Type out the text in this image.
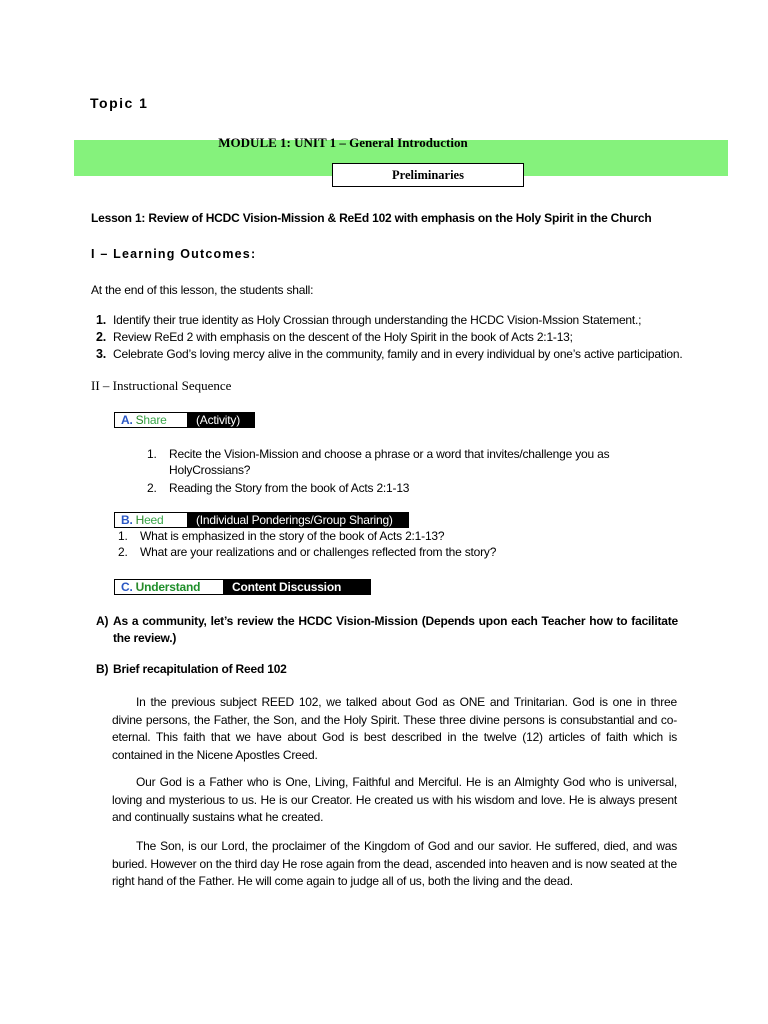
Topic 1
MODULE 1: UNIT 1 – General Introduction
Preliminaries
Lesson 1: Review of HCDC Vision-Mission & ReEd 102 with emphasis on the Holy Spirit in the Church
I – Learning Outcomes:
At the end of this lesson, the students shall:
1. Identify their true identity as Holy Crossian through understanding the HCDC Vision-Mssion Statement.;
2. Review ReEd 2 with emphasis on the descent of the Holy Spirit in the book of Acts 2:1-13;
3. Celebrate God’s loving mercy alive in the community, family and in every individual by one’s active participation.
II – Instructional Sequence
A. S hare (Activity)
1.	Recite the Vision-Mission and choose a phrase or a word that invites/challenge you as HolyCrossians?
2.	Reading the Story from the book of Acts 2:1-13
B. H eed	(Individual Ponderings/Group Sharing)
1.	What is emphasized in the story of the book of Acts 2:1-13?
2.	What are your realizations and or challenges reflected from the story?
C. U nderstand	Content Discussion
A) As a community, let’s review the HCDC Vision-Mission (Depends upon each Teacher how to facilitate the review.)
B) Brief recapitulation of Reed 102
In the previous subject REED 102, we talked about God as ONE and Trinitarian. God is one in three divine persons, the Father, the Son, and the Holy Spirit. These three divine persons is consubstantial and co-eternal. This faith that we have about God is best described in the twelve (12) articles of faith which is contained in the Nicene Apostles Creed.
Our God is a Father who is One, Living, Faithful and Merciful. He is an Almighty God who is universal, loving and mysterious to us. He is our Creator. He created us with his wisdom and love. He is always present and continually sustains what he created.
The Son, is our Lord, the proclaimer of the Kingdom of God and our savior. He suffered, died, and was buried. However on the third day He rose again from the dead, ascended into heaven and is now seated at the right hand of the Father. He will come again to judge all of us, both the living and the dead.
